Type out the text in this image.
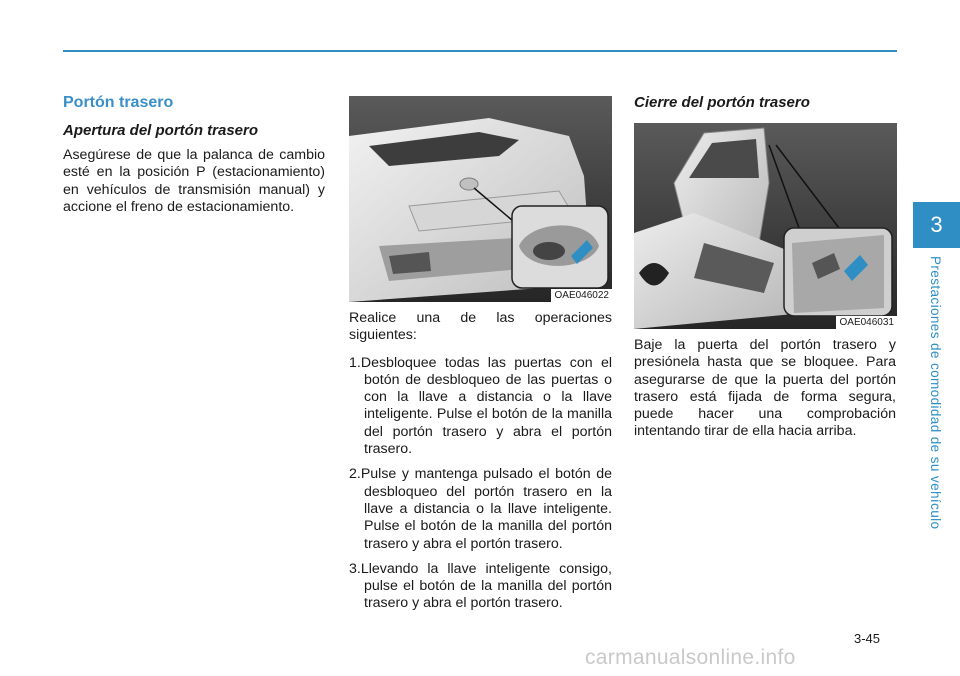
Portón trasero
Apertura del portón trasero

Asegúrese de que la palanca de cambio esté en la posición P (estacionamiento) en vehículos de transmisión manual) y accione el freno de estacionamiento.

OAE046022

Realice una de las operaciones siguientes:

1.Desbloquee todas las puertas con el botón de desbloqueo de las puertas o con la llave a distancia o la llave inteligente. Pulse el botón de la manilla del portón trasero y abra el portón trasero.
2.Pulse y mantenga pulsado el botón de desbloqueo del portón trasero en la llave a distancia o la llave inteligente. Pulse el botón de la manilla del portón trasero y abra el portón trasero.
3.Llevando la llave inteligente consigo, pulse el botón de la manilla del portón trasero y abra el portón trasero.
Cierre del portón trasero
OAE046031

Baje la puerta del portón trasero y presiónela hasta que se bloquee. Para asegurarse de que la puerta del portón trasero está fijada de forma segura, puede hacer una comprobación intentando tirar de ella hacia arriba.

3
Prestaciones de comodidad de su vehículo
3-45
carmanualsonline.info
